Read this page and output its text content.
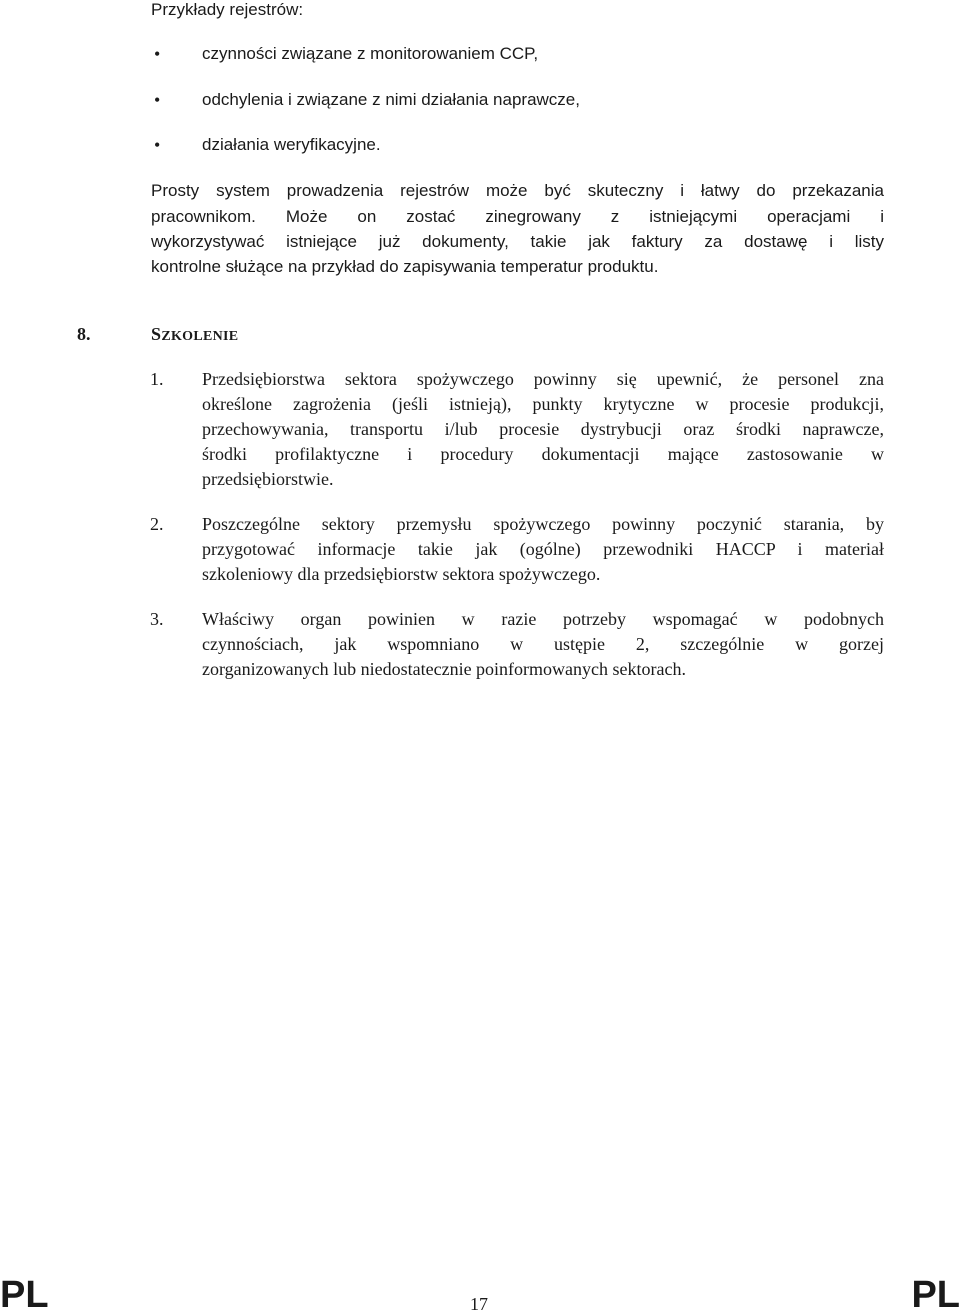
Przykłady rejestrów:
• czynności związane z monitorowaniem CCP,
• odchylenia i związane z nimi działania naprawcze,
• działania weryfikacyjne.
Prosty system prowadzenia rejestrów może być skuteczny i łatwy do przekazania
pracownikom. Może on zostać zinegrowany z istniejącymi operacjami i
wykorzystywać istniejące już dokumenty, takie jak faktury za dostawę i listy
kontrolne służące na przykład do zapisywania temperatur produktu.
8.	SZKOLENIE
1. Przedsiębiorstwa sektora spożywczego powinny się upewnić, że personel zna
określone zagrożenia (jeśli istnieją), punkty krytyczne w procesie produkcji,
przechowywania, transportu i/lub procesie dystrybucji oraz środki naprawcze,
środki profilaktyczne i procedury dokumentacji mające zastosowanie w
przedsiębiorstwie.
2. Poszczególne sektory przemysłu spożywczego powinny poczynić starania, by
przygotować informacje takie jak (ogólne) przewodniki HACCP i materiał
szkoleniowy dla przedsiębiorstw sektora spożywczego.
3. Właściwy organ powinien w razie potrzeby wspomagać w podobnych
czynnościach, jak wspomniano w ustępie 2, szczególnie w gorzej
zorganizowanych lub niedostatecznie poinformowanych sektorach.
PL	17	PL
